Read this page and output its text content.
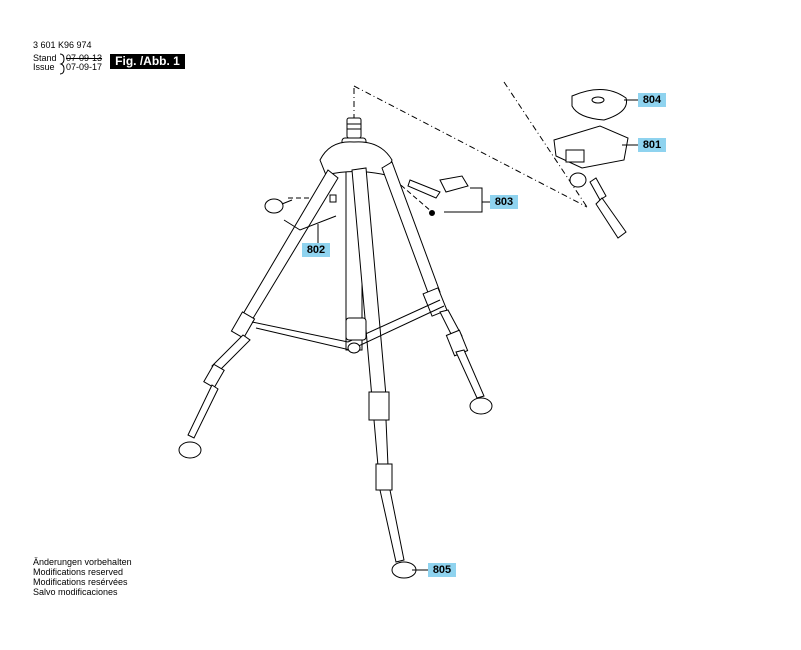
3 601 K96 974
Stand 07-09-13
Issue 07-09-17	Fig. /Abb. 1
804
801
803
802
805
Änderungen vorbehalten
Modifications reserved
Modifications resérvées
Salvo modificaciones
